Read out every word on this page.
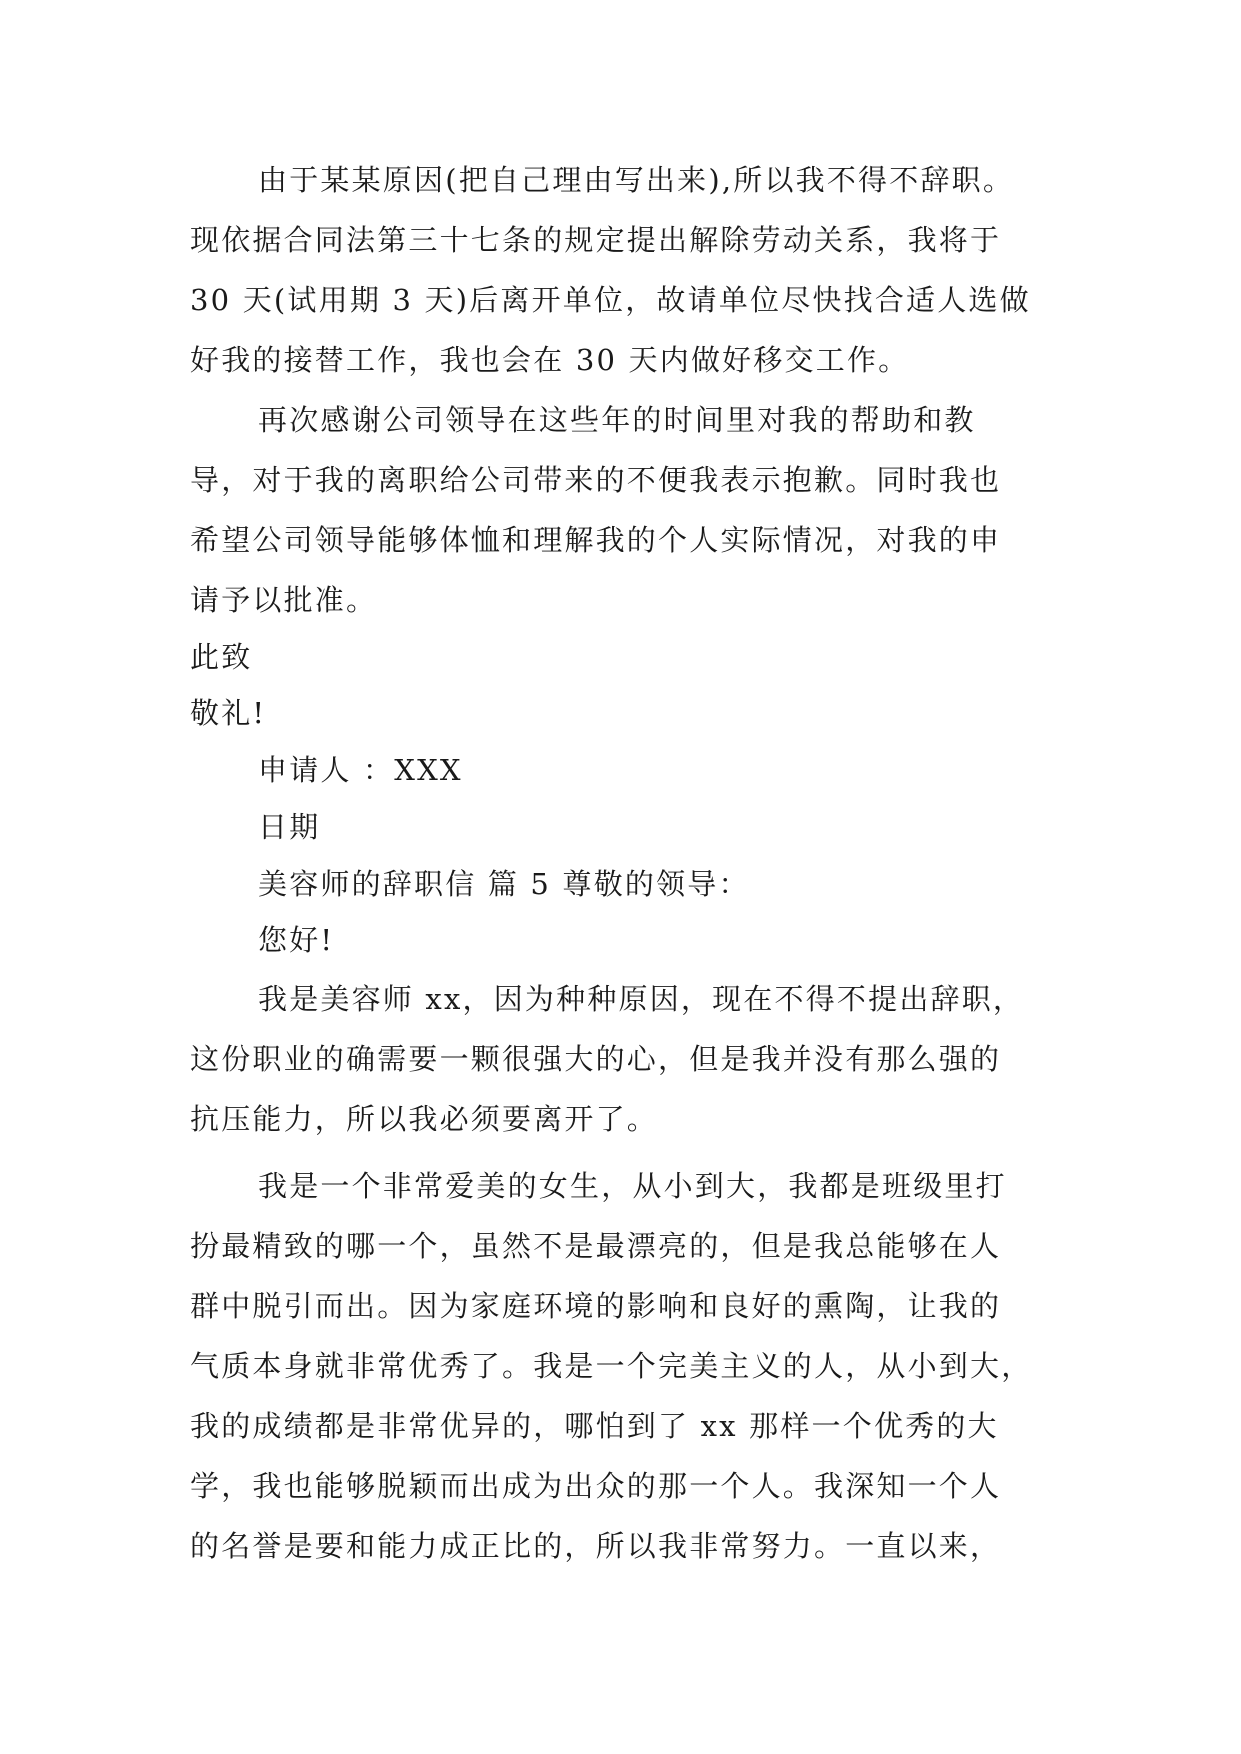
由于某某原因(把自己理由写出来),所以我不得不辞职。
现依据合同法第三十七条的规定提出解除劳动关系，我将于
30 天(试用期 3 天)后离开单位，故请单位尽快找合适人选做
好我的接替工作，我也会在 30 天内做好移交工作。
再次感谢公司领导在这些年的时间里对我的帮助和教
导，对于我的离职给公司带来的不便我表示抱歉。同时我也
希望公司领导能够体恤和理解我的个人实际情况，对我的申
请予以批准。
此致
敬礼!
申请人 ：XXX
日期
美容师的辞职信 篇 5 尊敬的领导：
您好!
我是美容师 xx，因为种种原因，现在不得不提出辞职，
这份职业的确需要一颗很强大的心，但是我并没有那么强的
抗压能力，所以我必须要离开了。
我是一个非常爱美的女生，从小到大，我都是班级里打
扮最精致的哪一个，虽然不是最漂亮的，但是我总能够在人
群中脱引而出。因为家庭环境的影响和良好的熏陶，让我的
气质本身就非常优秀了。我是一个完美主义的人，从小到大，
我的成绩都是非常优异的，哪怕到了 xx 那样一个优秀的大
学，我也能够脱颖而出成为出众的那一个人。我深知一个人
的名誉是要和能力成正比的，所以我非常努力。一直以来，
